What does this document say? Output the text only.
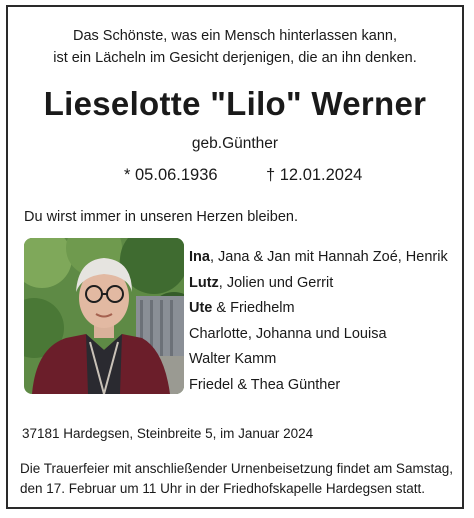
Das Schönste, was ein Mensch hinterlassen kann,
ist ein Lächeln im Gesicht derjenigen, die an ihn denken.
Lieselotte "Lilo" Werner
geb.Günther
* 05.06.1936	† 12.01.2024
Du wirst immer in unseren Herzen bleiben.
Ina, Jana & Jan mit Hannah Zoé, Henrik
Lutz, Jolien und Gerrit
Ute & Friedhelm
Charlotte, Johanna und Louisa
Walter Kamm
Friedel & Thea Günther
37181 Hardegsen, Steinbreite 5, im Januar 2024
Die Trauerfeier mit anschließender Urnenbeisetzung findet am Samstag,
den 17. Februar um 11 Uhr in der Friedhofskapelle Hardegsen statt.
